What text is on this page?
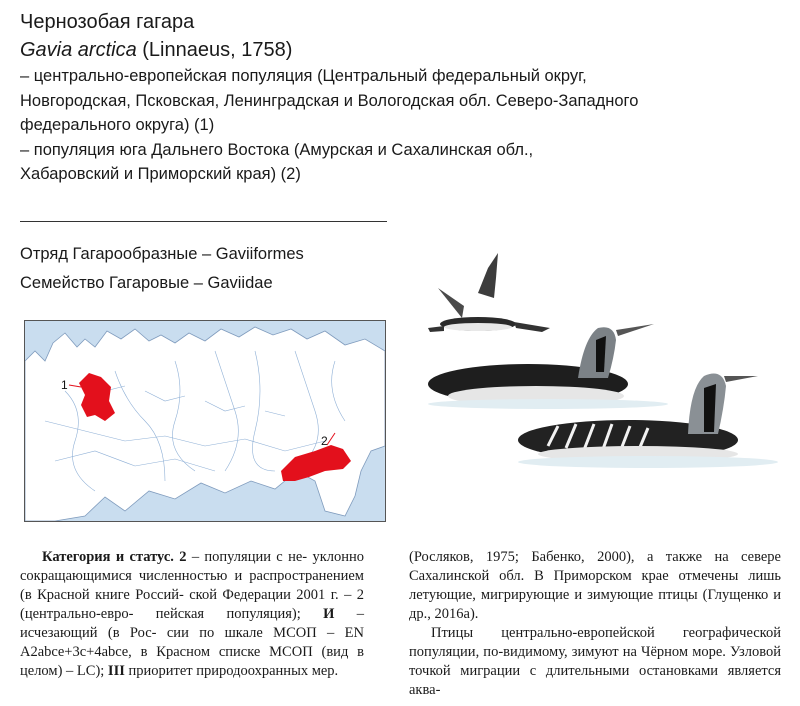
Чернозобая гагара
Gavia arctica (Linnaeus, 1758)
– центрально-европейская популяция (Центральный федеральный округ,
Новгородская, Псковская, Ленинградская и Вологодская обл. Северо-Западного
федерального округа) (1)
– популяция юга Дальнего Востока (Амурская и Сахалинская обл.,
Хабаровский и Приморский края) (2)
Отряд Гагарообразные – Gaviiformes
Семейство Гагаровые – Gaviidae
1
2

Категория и статус. 2 – популяции с не- уклонно сокращающимися численностью и распространением (в Красной книге Россий- ской Федерации 2001 г. – 2 (центрально-евро- пейская популяция); И – исчезающий (в Рос- сии по шкале МСОП – EN A2abce+3c+4abce, в Красном списке МСОП (вид в целом) – LC); III приоритет природоохранных мер.

(Росляков, 1975; Бабенко, 2000), а также на севере Сахалинской обл. В Приморском крае отмечены лишь летующие, мигрирующие и зимующие птицы (Глущенко и др., 2016а).

Птицы центрально-европейской географической популяции, по-видимому, зимуют на Чёрном море. Узловой точкой миграции с длительными остановками является аква-
